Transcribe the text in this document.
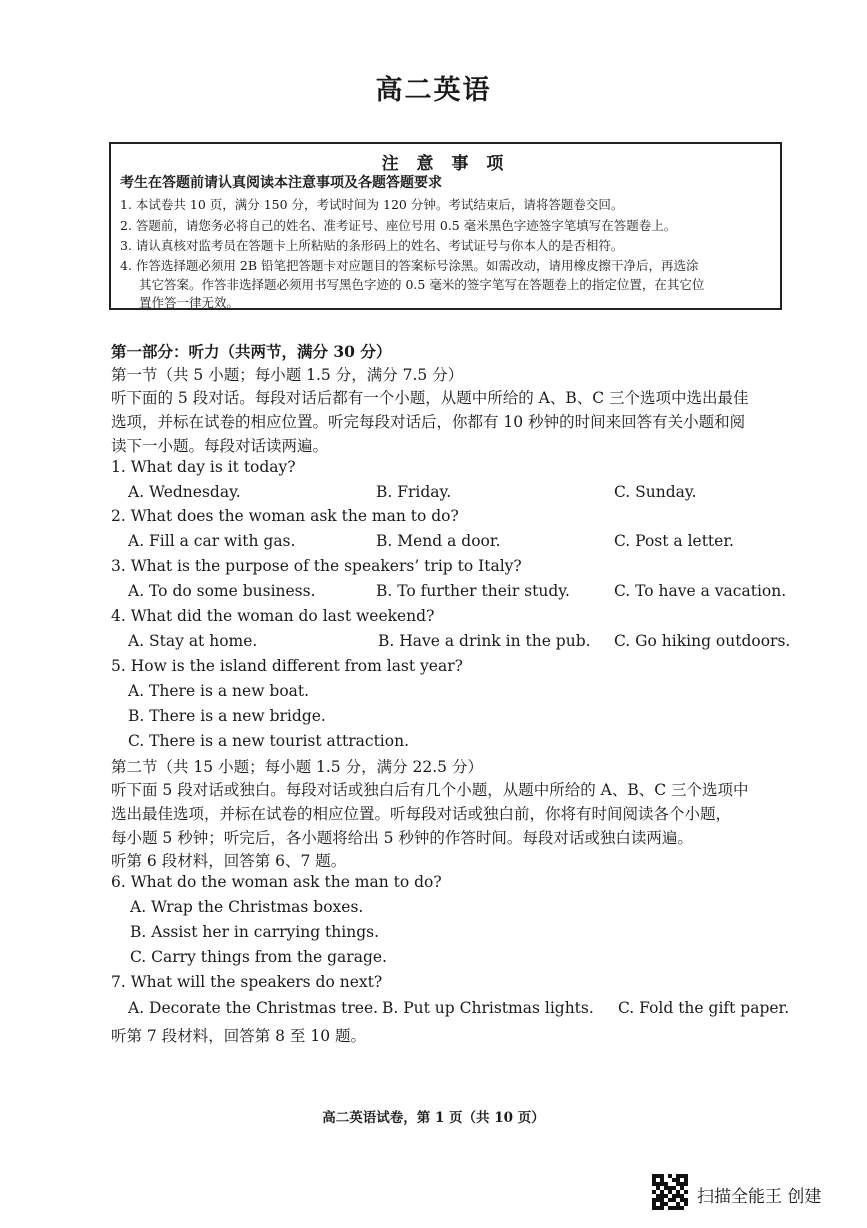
高二英语
注 意 事 项
考生在答题前请认真阅读本注意事项及各题答题要求
1. 本试卷共 10 页，满分 150 分，考试时间为 120 分钟。考试结束后，请将答题卷交回。
2. 答题前，请您务必将自己的姓名、准考证号、座位号用 0.5 毫米黑色字迹签字笔填写在答题卷上。
3. 请认真核对监考员在答题卡上所粘贴的条形码上的姓名、考试证号与你本人的是否相符。
4. 作答选择题必须用 2B 铅笔把答题卡对应题目的答案标号涂黑。如需改动，请用橡皮擦干净后，再选涂
其它答案。作答非选择题必须用书写黑色字迹的 0.5 毫米的签字笔写在答题卷上的指定位置，在其它位
置作答一律无效。
第一部分：听力（共两节，满分 30 分）
第一节（共 5 小题；每小题 1.5 分，满分 7.5 分）
听下面的 5 段对话。每段对话后都有一个小题，从题中所给的 A、B、C 三个选项中选出最佳
选项，并标在试卷的相应位置。听完每段对话后，你都有 10 秒钟的时间来回答有关小题和阅
读下一小题。每段对话读两遍。
1. What day is it today?
A. Wednesday.	B. Friday.	C. Sunday.
2. What does the woman ask the man to do?
A. Fill a car with gas.	B. Mend a door.	C. Post a letter.
3. What is the purpose of the speakers’ trip to Italy?
A. To do some business.	B. To further their study.	C. To have a vacation.
4. What did the woman do last weekend?
A. Stay at home.	B. Have a drink in the pub. C. Go hiking outdoors.
5. How is the island different from last year?
A. There is a new boat.
B. There is a new bridge.
C. There is a new tourist attraction.
第二节（共 15 小题；每小题 1.5 分，满分 22.5 分）
听下面 5 段对话或独白。每段对话或独白后有几个小题，从题中所给的 A、B、C 三个选项中
选出最佳选项，并标在试卷的相应位置。听每段对话或独白前，你将有时间阅读各个小题，
每小题 5 秒钟；听完后，各小题将给出 5 秒钟的作答时间。每段对话或独白读两遍。
听第 6 段材料，回答第 6、7 题。
6. What do the woman ask the man to do?
A. Wrap the Christmas boxes.
B. Assist her in carrying things.
C. Carry things from the garage.
7. What will the speakers do next?
A. Decorate the Christmas tree. B. Put up Christmas lights. C. Fold the gift paper.
听第 7 段材料，回答第 8 至 10 题。
高二英语试卷，第 1 页（共 10 页）
扫描全能王 创建
